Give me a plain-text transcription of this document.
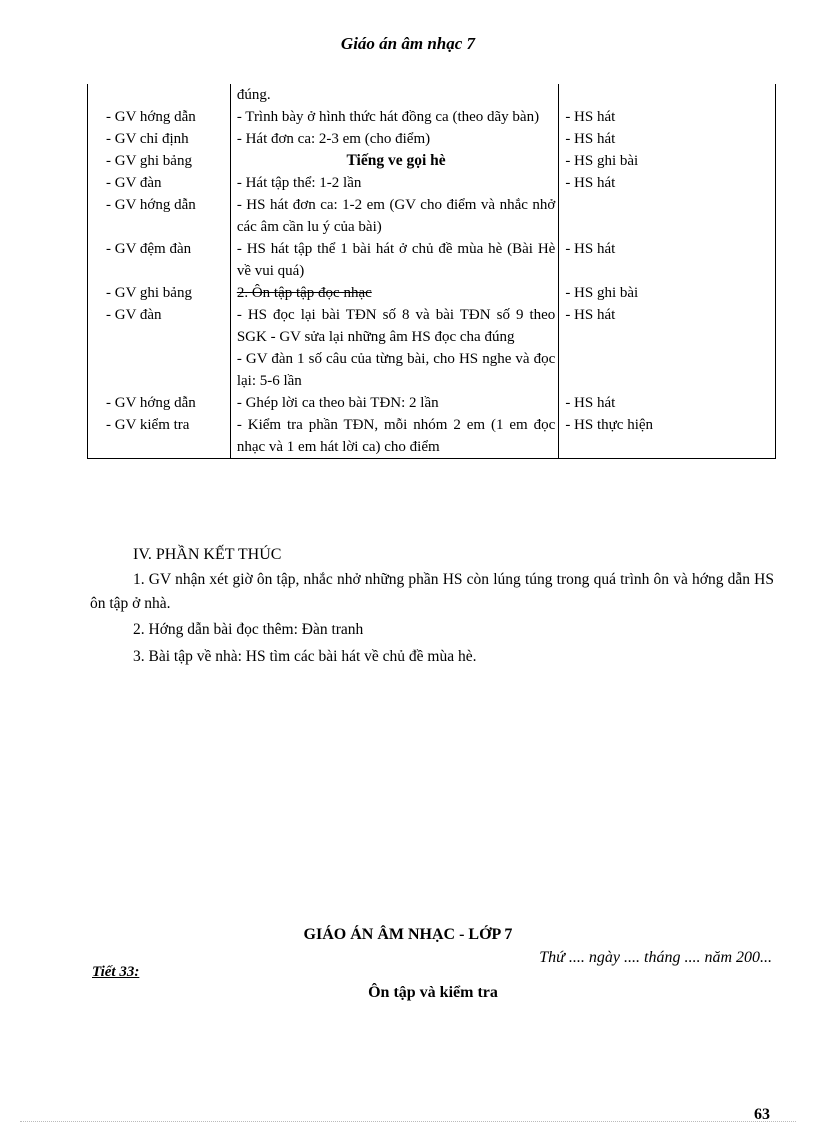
Giáo án âm nhạc 7
	đúng.	
- GV hớng dẫn	- Trình bày ở hình thức hát đồng ca (theo dãy bàn)	- HS hát
- GV chỉ định	- Hát đơn ca: 2-3 em (cho điểm)	- HS hát
- GV ghi bảng	Tiếng ve gọi hè	- HS ghi bài
- GV đàn	- Hát tập thể: 1-2 lần	- HS hát
- GV hớng dẫn	- HS hát đơn ca: 1-2 em (GV cho điểm và nhắc nhở các âm cần lu ý của bài)	
- GV đệm đàn	- HS hát tập thể 1 bài hát ở chủ đề mùa hè (Bài Hè về vui quá)	- HS hát
- GV ghi bảng	2. Ôn tập tập đọc nhạc	- HS ghi bài
- GV đàn	- HS đọc lại bài TĐN số 8 và bài TĐN số 9 theo SGK - GV sửa lại những âm HS đọc cha đúng	- HS hát
	- GV đàn 1 số câu của từng bài, cho HS nghe và đọc lại: 5-6 lần	
- GV hớng dẫn	- Ghép lời ca theo bài TĐN: 2 lần	- HS hát
- GV kiểm tra	- Kiểm tra phần TĐN, mỗi nhóm 2 em (1 em đọc nhạc và 1 em hát lời ca) cho điểm	- HS thực hiện
IV. PHẦN KẾT THÚC
1. GV nhận xét giờ ôn tập, nhắc nhở những phần HS còn lúng túng trong quá trình ôn và hớng dẫn HS ôn tập ở nhà.
2. Hớng dẫn bài đọc thêm: Đàn tranh
3. Bài tập về nhà: HS tìm các bài hát về chủ đề mùa hè.
GIÁO ÁN ÂM NHẠC - LỚP 7
Thứ .... ngày .... tháng .... năm 200...
Tiết 33:
Ôn tập và kiểm tra
63
